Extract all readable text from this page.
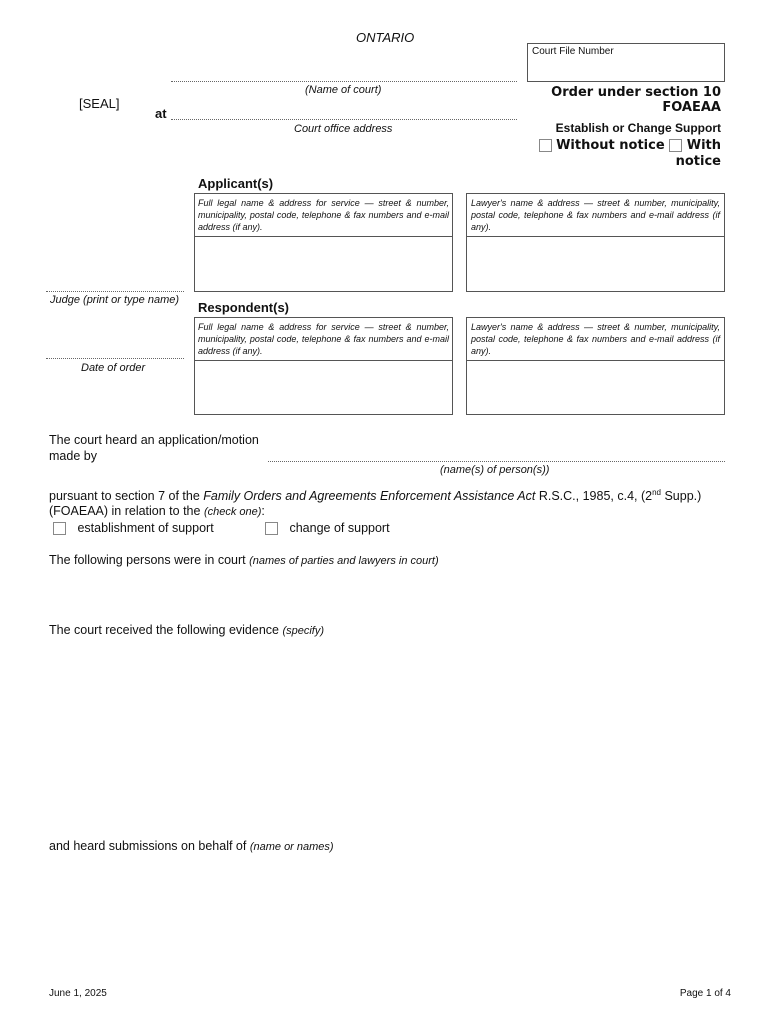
ONTARIO
Court File Number
[SEAL]
(Name of court)
at
Court office address
Order under section 10
FOAEAA
Establish or Change Support
Without notice With
notice
Judge (print or type name)
Date of order
Applicant(s)
Full legal name & address for service — street & number, municipality, postal code, telephone & fax numbers and e-mail address (if any).
Lawyer's name & address — street & number, municipality, postal code, telephone & fax numbers and e-mail address (if any).
Respondent(s)
Full legal name & address for service — street & number, municipality, postal code, telephone & fax numbers and e-mail address (if any).
Lawyer's name & address — street & number, municipality, postal code, telephone & fax numbers and e-mail address (if any).
The court heard an application/motion
made by
(name(s) of person(s))
pursuant to section 7 of the Family Orders and Agreements Enforcement Assistance Act R.S.C., 1985, c.4, (2nd Supp.)
(FOAEAA) in relation to the (check one):
establishment of support	change of support
The following persons were in court (names of parties and lawyers in court)
The court received the following evidence (specify)
and heard submissions on behalf of (name or names)
June 1, 2025	Page 1 of 4
